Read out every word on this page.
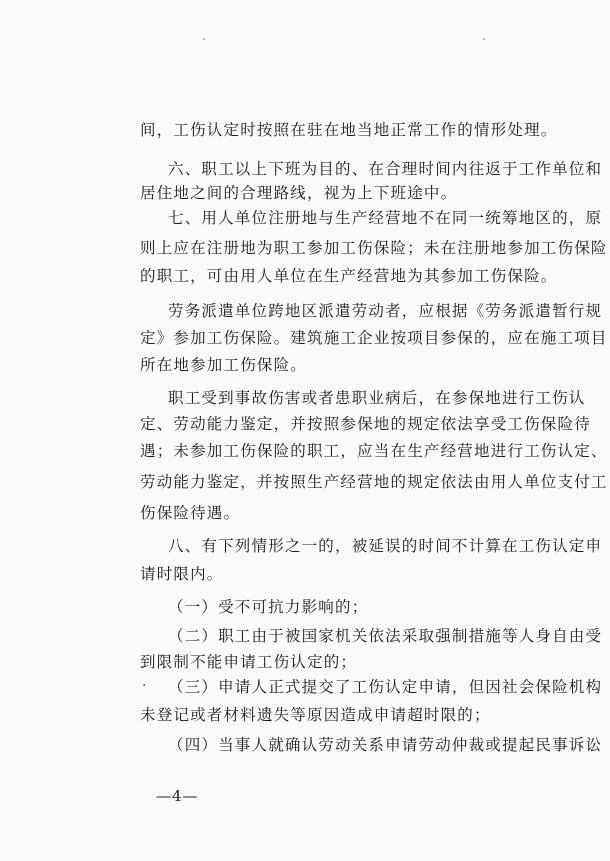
-	-
间，工伤认定时按照在驻在地当地正常工作的情形处理。
六、职工以上下班为目的、在合理时间内往返于工作单位和
居住地之间的合理路线，视为上下班途中。
七、用人单位注册地与生产经营地不在同一统筹地区的，原
则上应在注册地为职工参加工伤保险；未在注册地参加工伤保险
的职工，可由用人单位在生产经营地为其参加工伤保险。
劳务派遣单位跨地区派遣劳动者，应根据《劳务派遣暂行规
定》参加工伤保险。建筑施工企业按项目参保的，应在施工项目
所在地参加工伤保险。
职工受到事故伤害或者患职业病后，在参保地进行工伤认
定、劳动能力鉴定，并按照参保地的规定依法享受工伤保险待
遇；未参加工伤保险的职工，应当在生产经营地进行工伤认定、
劳动能力鉴定，并按照生产经营地的规定依法由用人单位支付工
伤保险待遇。
八、有下列情形之一的，被延误的时间不计算在工伤认定申
请时限内。
（一）受不可抗力影响的；
（二）职工由于被国家机关依法采取强制措施等人身自由受
到限制不能申请工伤认定的；
· （三）申请人正式提交了工伤认定申请，但因社会保险机构
未登记或者材料遗失等原因造成申请超时限的；
（四）当事人就确认劳动关系申请劳动仲裁或提起民事诉讼
—4—
